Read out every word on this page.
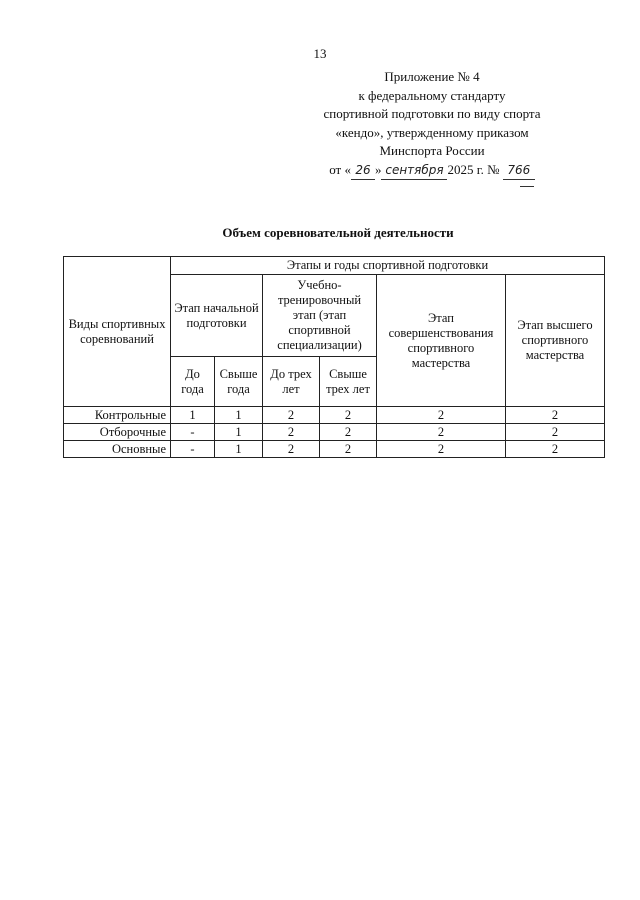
13
Приложение № 4
к федеральному стандарту
спортивной подготовки по виду спорта
«кендо», утвержденному приказом
Минспорта России
от « 26 » сентября 2025 г. № 766
Объем соревновательной деятельности
Виды спортивных соревнований	Этапы и годы спортивной подготовки					
	Этап начальной подготовки		Учебно-тренировочный этап (этап спортивной специализации)		Этап совершенствования спортивного мастерства	Этап высшего спортивного мастерства
	До года	Свыше года	До трех лет	Свыше трех лет		
Контрольные	1	1	2	2	2	2
Отборочные	-	1	2	2	2	2
Основные	-	1	2	2	2	2
